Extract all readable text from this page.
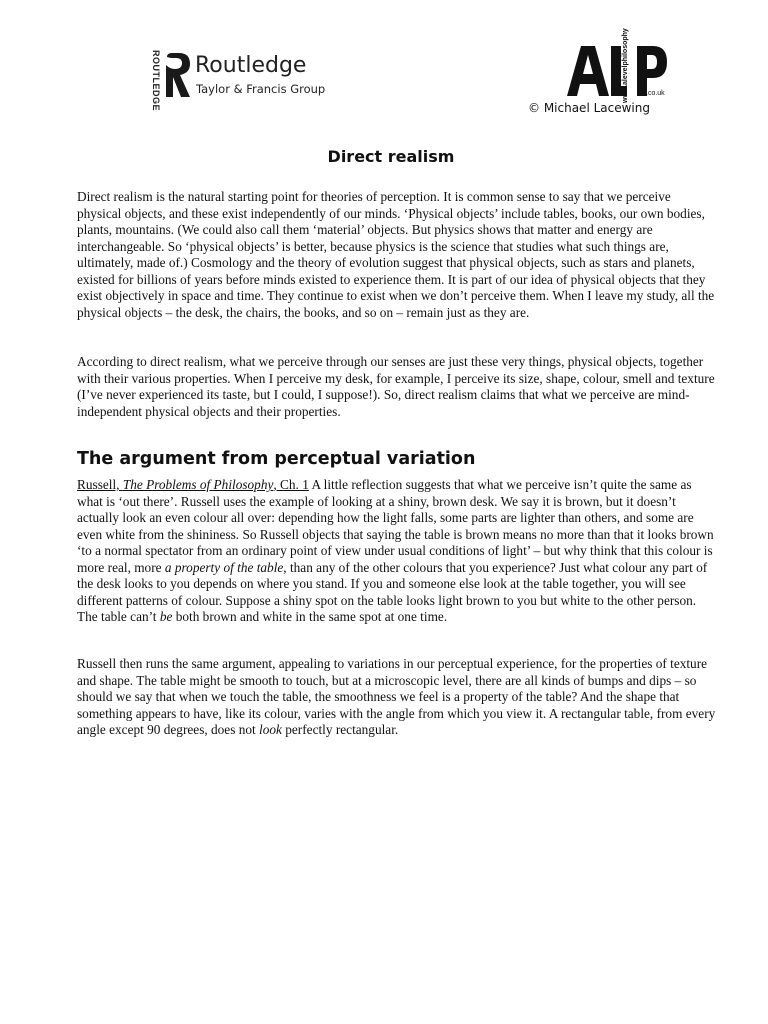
ROUTLEDGE Routledge
Taylor & Francis Group	www.alevelphilosophy .co.uk
© Michael Lacewing
Direct realism

Direct realism is the natural starting point for theories of perception. It is common sense to say that we perceive physical objects, and these exist independently of our minds. ‘Physical objects’ include tables, books, our own bodies, plants, mountains. (We could also call them ‘material’ objects. But physics shows that matter and energy are interchangeable. So ‘physical objects’ is better, because physics is the science that studies what such things are, ultimately, made of.) Cosmology and the theory of evolution suggest that physical objects, such as stars and planets, existed for billions of years before minds existed to experience them. It is part of our idea of physical objects that they exist objectively in space and time. They continue to exist when we don’t perceive them. When I leave my study, all the physical objects – the desk, the chairs, the books, and so on – remain just as they are.

According to direct realism, what we perceive through our senses are just these very things, physical objects, together with their various properties. When I perceive my desk, for example, I perceive its size, shape, colour, smell and texture (I’ve never experienced its taste, but I could, I suppose!). So, direct realism claims that what we perceive are mind-independent physical objects and their properties.

The argument from perceptual variation

Russell, The Problems of Philosophy, Ch. 1 A little reflection suggests that what we perceive isn’t quite the same as what is ‘out there’. Russell uses the example of looking at a shiny, brown desk. We say it is brown, but it doesn’t actually look an even colour all over: depending how the light falls, some parts are lighter than others, and some are even white from the shininess. So Russell objects that saying the table is brown means no more than that it looks brown ‘to a normal spectator from an ordinary point of view under usual conditions of light’ – but why think that this colour is more real, more a property of the table, than any of the other colours that you experience? Just what colour any part of the desk looks to you depends on where you stand. If you and someone else look at the table together, you will see different patterns of colour. Suppose a shiny spot on the table looks light brown to you but white to the other person. The table can’t be both brown and white in the same spot at one time.

Russell then runs the same argument, appealing to variations in our perceptual experience, for the properties of texture and shape. The table might be smooth to touch, but at a microscopic level, there are all kinds of bumps and dips – so should we say that when we touch the table, the smoothness we feel is a property of the table? And the shape that something appears to have, like its colour, varies with the angle from which you view it. A rectangular table, from every angle except 90 degrees, does not look perfectly rectangular.
